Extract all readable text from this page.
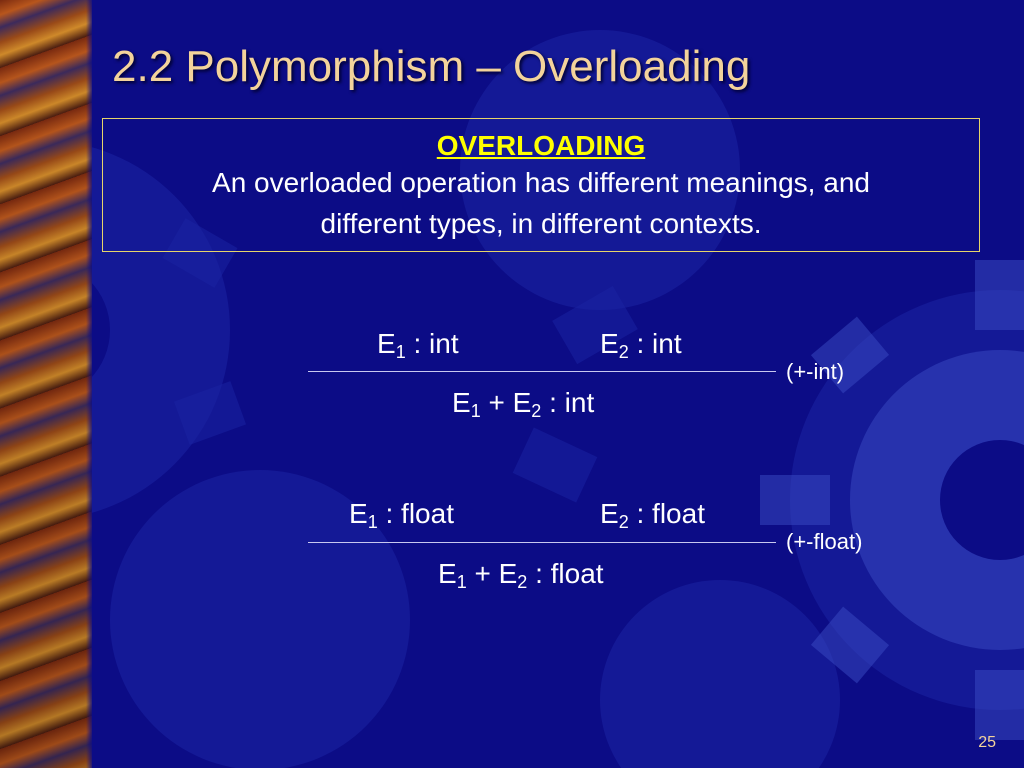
2.2 Polymorphism – Overloading
OVERLOADING
An overloaded operation has different meanings, and
different types, in different contexts.
$E_1$ : int	$E_2$ : int
(+-int)
$E_1 + E_2$ : int
$E_1$ : float	$E_2$ : float
(+-float)
$E_1 + E_2$ : float
25
